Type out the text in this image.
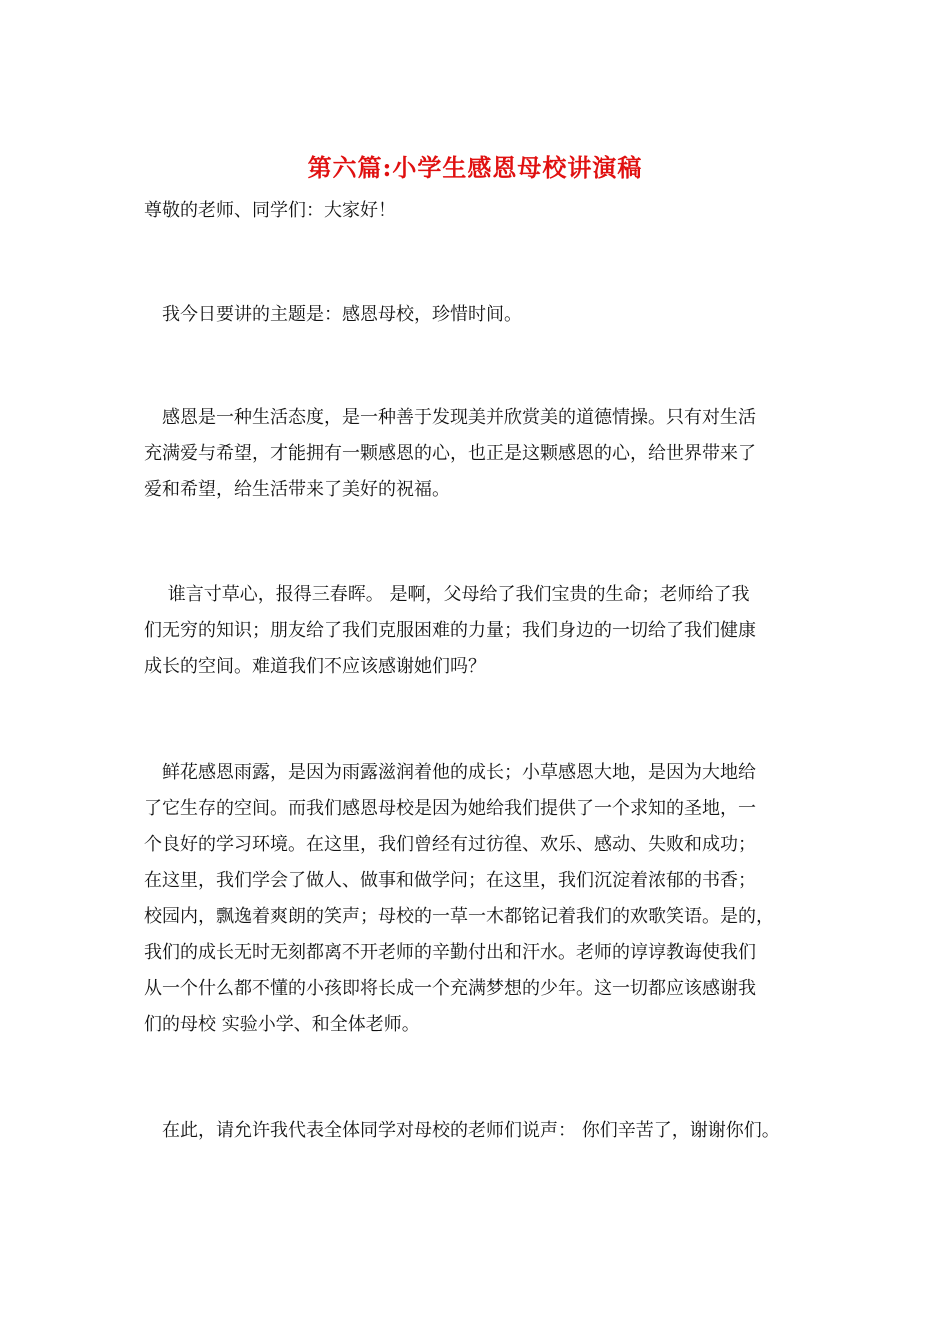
第六篇:小学生感恩母校讲演稿
尊敬的老师、同学们：大家好！
　我今日要讲的主题是：感恩母校，珍惜时间。
　感恩是一种生活态度，是一种善于发现美并欣赏美的道德情操。只有对生活
充满爱与希望，才能拥有一颗感恩的心，也正是这颗感恩的心，给世界带来了
爱和希望，给生活带来了美好的祝福。
　 谁言寸草心，报得三春晖。 是啊，父母给了我们宝贵的生命；老师给了我
们无穷的知识；朋友给了我们克服困难的力量；我们身边的一切给了我们健康
成长的空间。难道我们不应该感谢她们吗？
　鲜花感恩雨露，是因为雨露滋润着他的成长；小草感恩大地，是因为大地给
了它生存的空间。而我们感恩母校是因为她给我们提供了一个求知的圣地，一
个良好的学习环境。在这里，我们曾经有过彷徨、欢乐、感动、失败和成功；
在这里，我们学会了做人、做事和做学问；在这里，我们沉淀着浓郁的书香；
校园内，飘逸着爽朗的笑声；母校的一草一木都铭记着我们的欢歌笑语。是的，
我们的成长无时无刻都离不开老师的辛勤付出和汗水。老师的谆谆教诲使我们
从一个什么都不懂的小孩即将长成一个充满梦想的少年。这一切都应该感谢我
们的母校 实验小学、和全体老师。
　在此，请允许我代表全体同学对母校的老师们说声： 你们辛苦了，谢谢你们。
